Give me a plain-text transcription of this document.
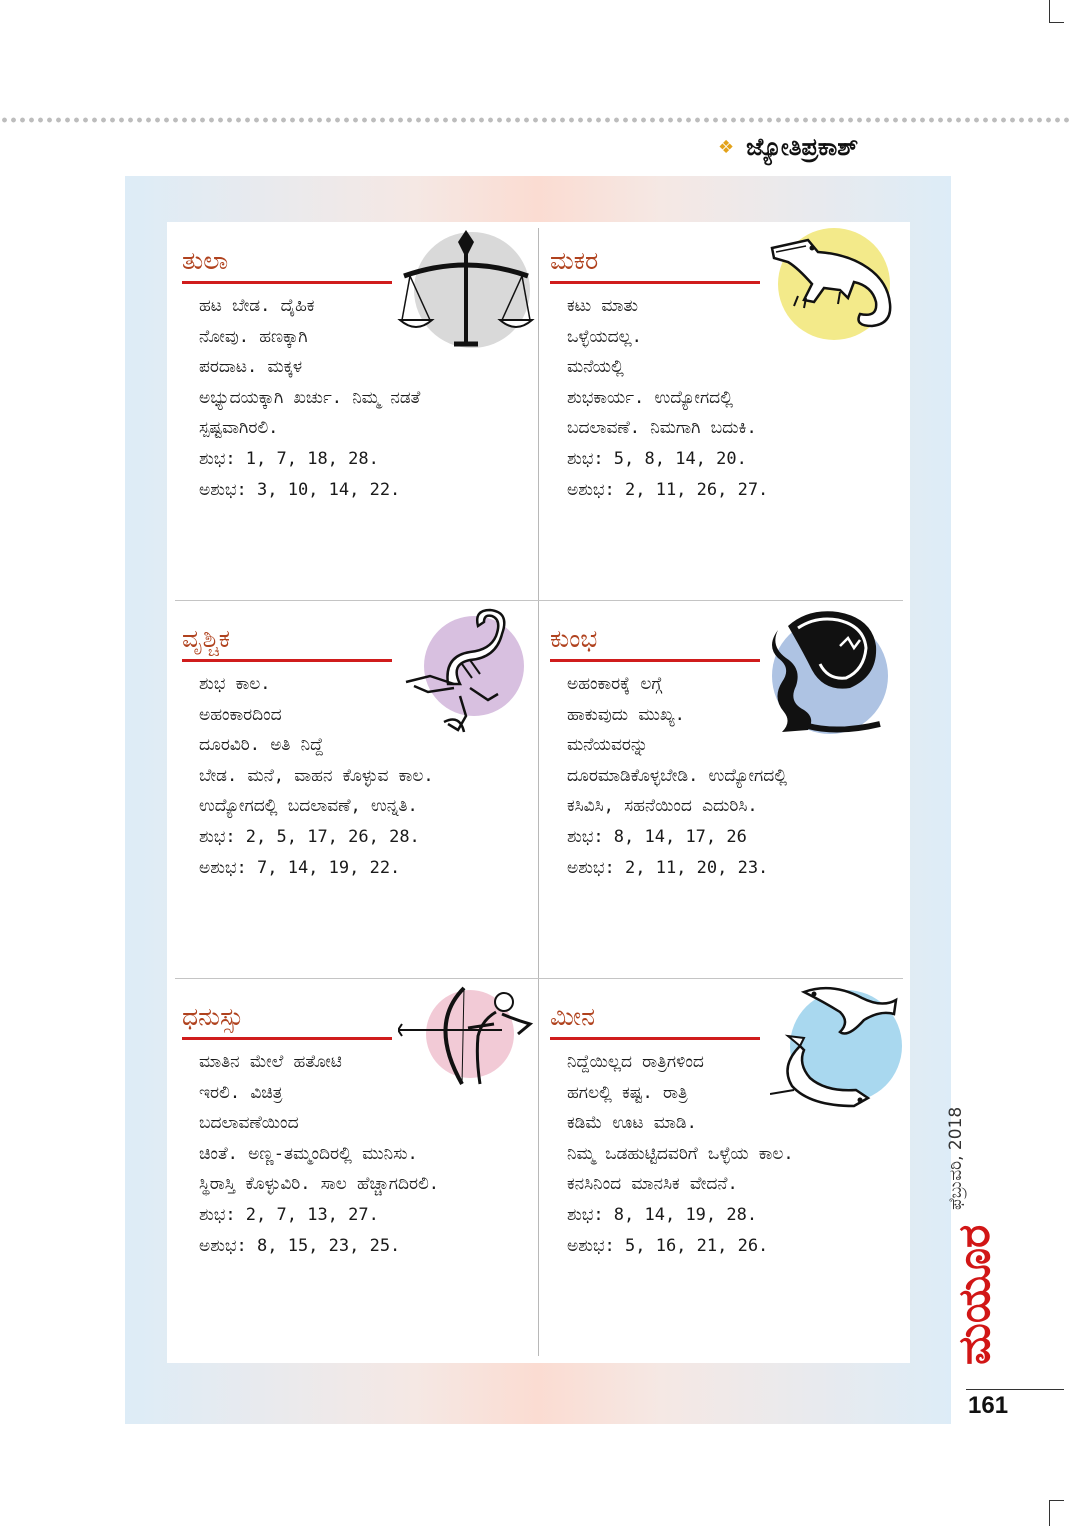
❖ ಜ್ಯೋತಿಪ್ರಕಾಶ್
ತುಲಾ
ಹಟ ಬೇಡ. ದೈಹಿಕ
ನೋವು. ಹಣಕ್ಕಾಗಿ
ಪರದಾಟ. ಮಕ್ಕಳ
ಅಭ್ಯುದಯಕ್ಕಾಗಿ ಖರ್ಚು. ನಿಮ್ಮ ನಡತೆ
ಸ್ಪಷ್ಟವಾಗಿರಲಿ.
ಶುಭ: 1, 7, 18, 28.
ಅಶುಭ: 3, 10, 14, 22.
ಮಕರ
ಕಟು ಮಾತು
ಒಳ್ಳೆಯದಲ್ಲ.
ಮನೆಯಲ್ಲಿ
ಶುಭಕಾರ್ಯ. ಉದ್ಯೋಗದಲ್ಲಿ
ಬದಲಾವಣೆ. ನಿಮಗಾಗಿ ಬದುಕಿ.
ಶುಭ: 5, 8, 14, 20.
ಅಶುಭ: 2, 11, 26, 27.
ವೃಶ್ಚಿಕ
ಶುಭ ಕಾಲ.
ಅಹಂಕಾರದಿಂದ
ದೂರವಿರಿ. ಅತಿ ನಿದ್ದೆ
ಬೇಡ. ಮನೆ, ವಾಹನ ಕೊಳ್ಳುವ ಕಾಲ.
ಉದ್ಯೋಗದಲ್ಲಿ ಬದಲಾವಣೆ, ಉನ್ನತಿ.
ಶುಭ: 2, 5, 17, 26, 28.
ಅಶುಭ: 7, 14, 19, 22.
ಕುಂಭ
ಅಹಂಕಾರಕ್ಕೆ ಲಗ್ಗೆ
ಹಾಕುವುದು ಮುಖ್ಯ.
ಮನೆಯವರನ್ನು
ದೂರಮಾಡಿಕೊಳ್ಳಬೇಡಿ. ಉದ್ಯೋಗದಲ್ಲಿ
ಕಸಿವಿಸಿ, ಸಹನೆಯಿಂದ ಎದುರಿಸಿ.
ಶುಭ: 8, 14, 17, 26
ಅಶುಭ: 2, 11, 20, 23.
ಧನುಸ್ಸು
ಮಾತಿನ ಮೇಲೆ ಹತೋಟಿ
ಇರಲಿ. ವಿಚಿತ್ರ
ಬದಲಾವಣೆಯಿಂದ
ಚಿಂತೆ. ಅಣ್ಣ-ತಮ್ಮಂದಿರಲ್ಲಿ ಮುನಿಸು.
ಸ್ಥಿರಾಸ್ತಿ ಕೊಳ್ಳುವಿರಿ. ಸಾಲ ಹೆಚ್ಚಾಗದಿರಲಿ.
ಶುಭ: 2, 7, 13, 27.
ಅಶುಭ: 8, 15, 23, 25.
ಮೀನ
ನಿದ್ದೆಯಿಲ್ಲದ ರಾತ್ರಿಗಳಿಂದ
ಹಗಲಲ್ಲಿ ಕಷ್ಟ. ರಾತ್ರಿ
ಕಡಿಮೆ ಊಟ ಮಾಡಿ.
ನಿಮ್ಮ ಒಡಹುಟ್ಟಿದವರಿಗೆ ಒಳ್ಳೆಯ ಕಾಲ.
ಕನಸಿನಿಂದ ಮಾನಸಿಕ ವೇದನೆ.
ಶುಭ: 8, 14, 19, 28.
ಅಶುಭ: 5, 16, 21, 26.
ಫೆಬ್ರುವರಿ, 2018
ಮಯೂರ
161
